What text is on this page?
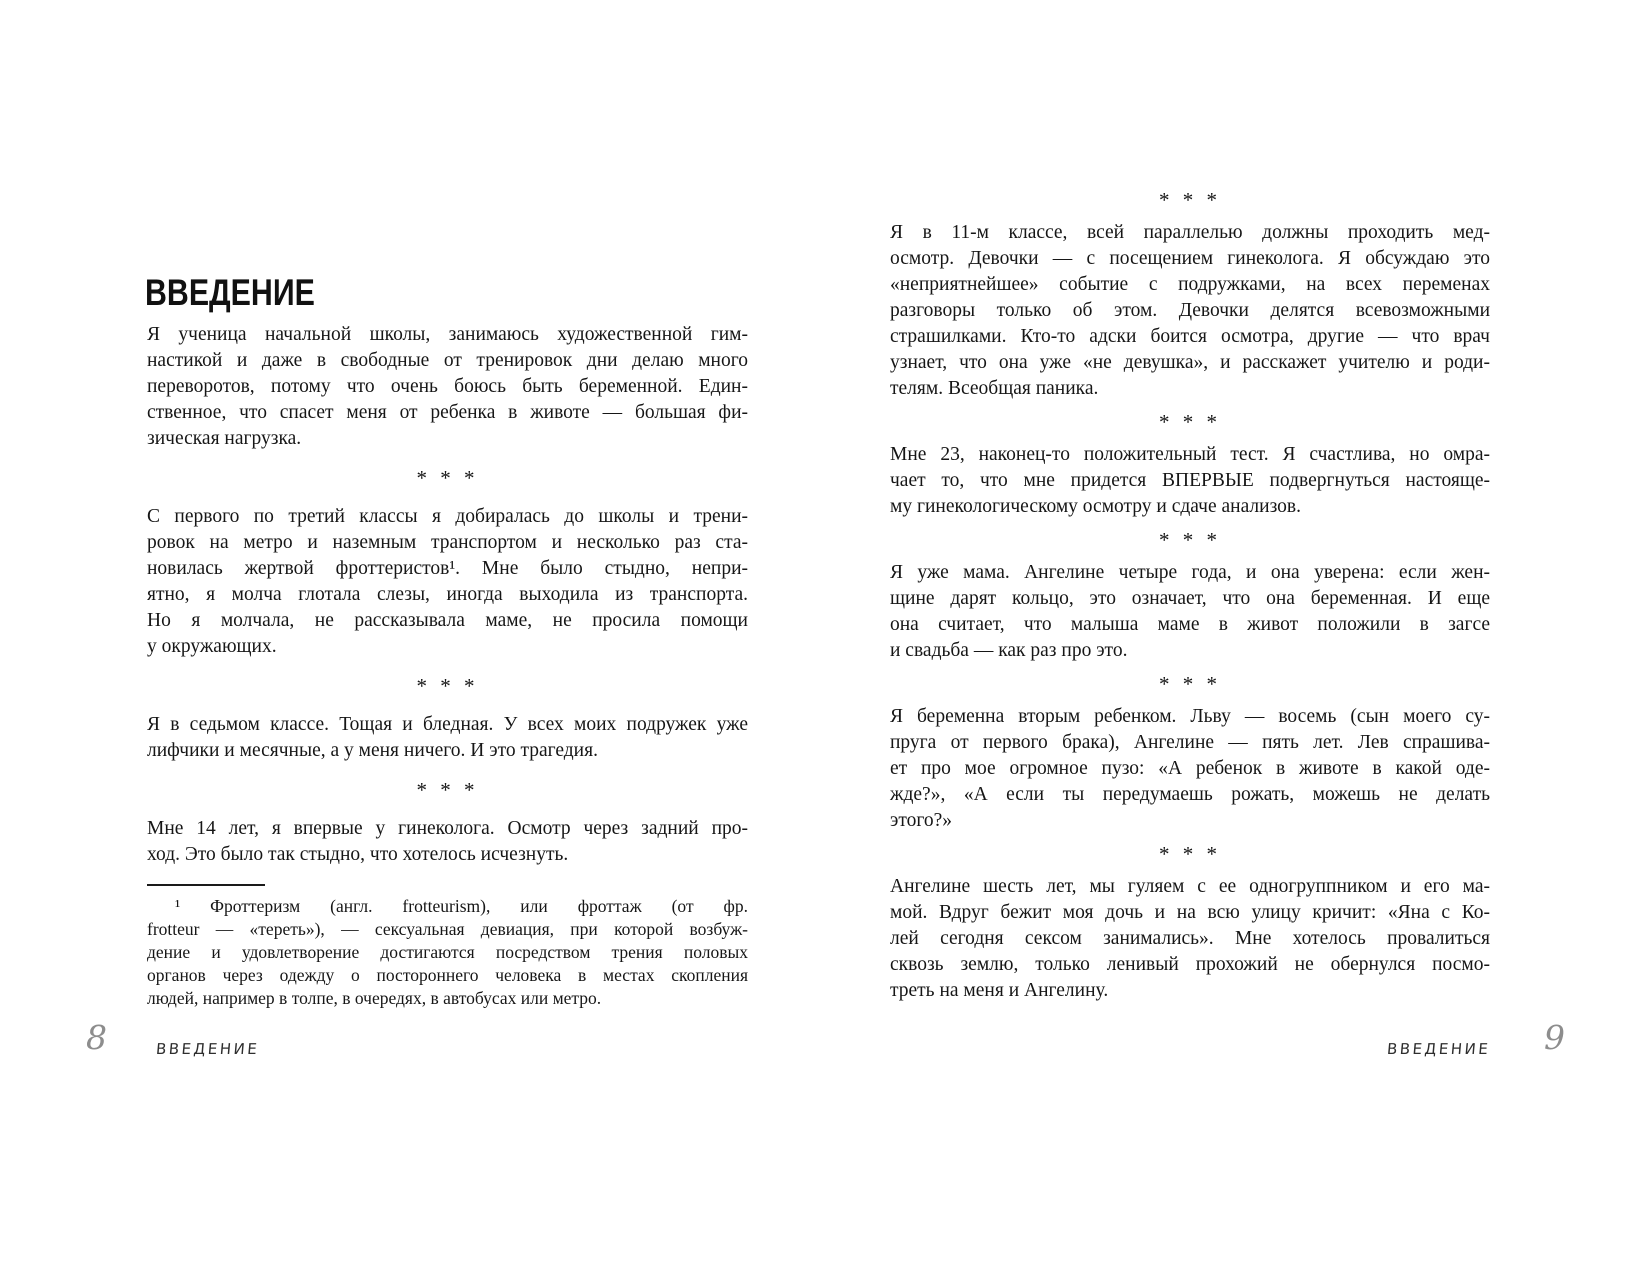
ВВЕДЕНИЕ
Я ученица начальной школы, занимаюсь художественной гим-
настикой и даже в свободные от тренировок дни делаю много
переворотов, потому что очень боюсь быть беременной. Един-
ственное, что спасет меня от ребенка в животе — большая фи-
зическая нагрузка.
* * *
С первого по третий классы я добиралась до школы и трени-
ровок на метро и наземным транспортом и несколько раз ста-
новилась жертвой фроттеристов¹. Мне было стыдно, непри-
ятно, я молча глотала слезы, иногда выходила из транспорта.
Но я молчала, не рассказывала маме, не просила помощи
у окружающих.
* * *
Я в седьмом классе. Тощая и бледная. У всех моих подружек уже
лифчики и месячные, а у меня ничего. И это трагедия.
* * *
Мне 14 лет, я впервые у гинеколога. Осмотр через задний про-
ход. Это было так стыдно, что хотелось исчезнуть.
¹ Фроттеризм (англ. frotteurism), или фроттаж (от фр.
frotteur — «тереть»), — сексуальная девиация, при которой возбуж-
дение и удовлетворение достигаются посредством трения половых
органов через одежду о постороннего человека в местах скопления
людей, например в толпе, в очередях, в автобусах или метро.
8	ВВЕДЕНИЕ
* * *
Я в 11-м классе, всей параллелью должны проходить мед-
осмотр. Девочки — с посещением гинеколога. Я обсуждаю это
«неприятнейшее» событие с подружками, на всех переменах
разговоры только об этом. Девочки делятся всевозможными
страшилками. Кто-то адски боится осмотра, другие — что врач
узнает, что она уже «не девушка», и расскажет учителю и роди-
телям. Всеобщая паника.
* * *
Мне 23, наконец-то положительный тест. Я счастлива, но омра-
чает то, что мне придется ВПЕРВЫЕ подвергнуться настояще-
му гинекологическому осмотру и сдаче анализов.
* * *
Я уже мама. Ангелине четыре года, и она уверена: если жен-
щине дарят кольцо, это означает, что она беременная. И еще
она считает, что малыша маме в живот положили в загсе
и свадьба — как раз про это.
* * *
Я беременна вторым ребенком. Льву — восемь (сын моего су-
пруга от первого брака), Ангелине — пять лет. Лев спрашива-
ет про мое огромное пузо: «А ребенок в животе в какой оде-
жде?», «А если ты передумаешь рожать, можешь не делать
этого?»
* * *
Ангелине шесть лет, мы гуляем с ее одногруппником и его ма-
мой. Вдруг бежит моя дочь и на всю улицу кричит: «Яна с Ко-
лей сегодня сексом занимались». Мне хотелось провалиться
сквозь землю, только ленивый прохожий не обернулся посмо-
треть на меня и Ангелину.
ВВЕДЕНИЕ 9
